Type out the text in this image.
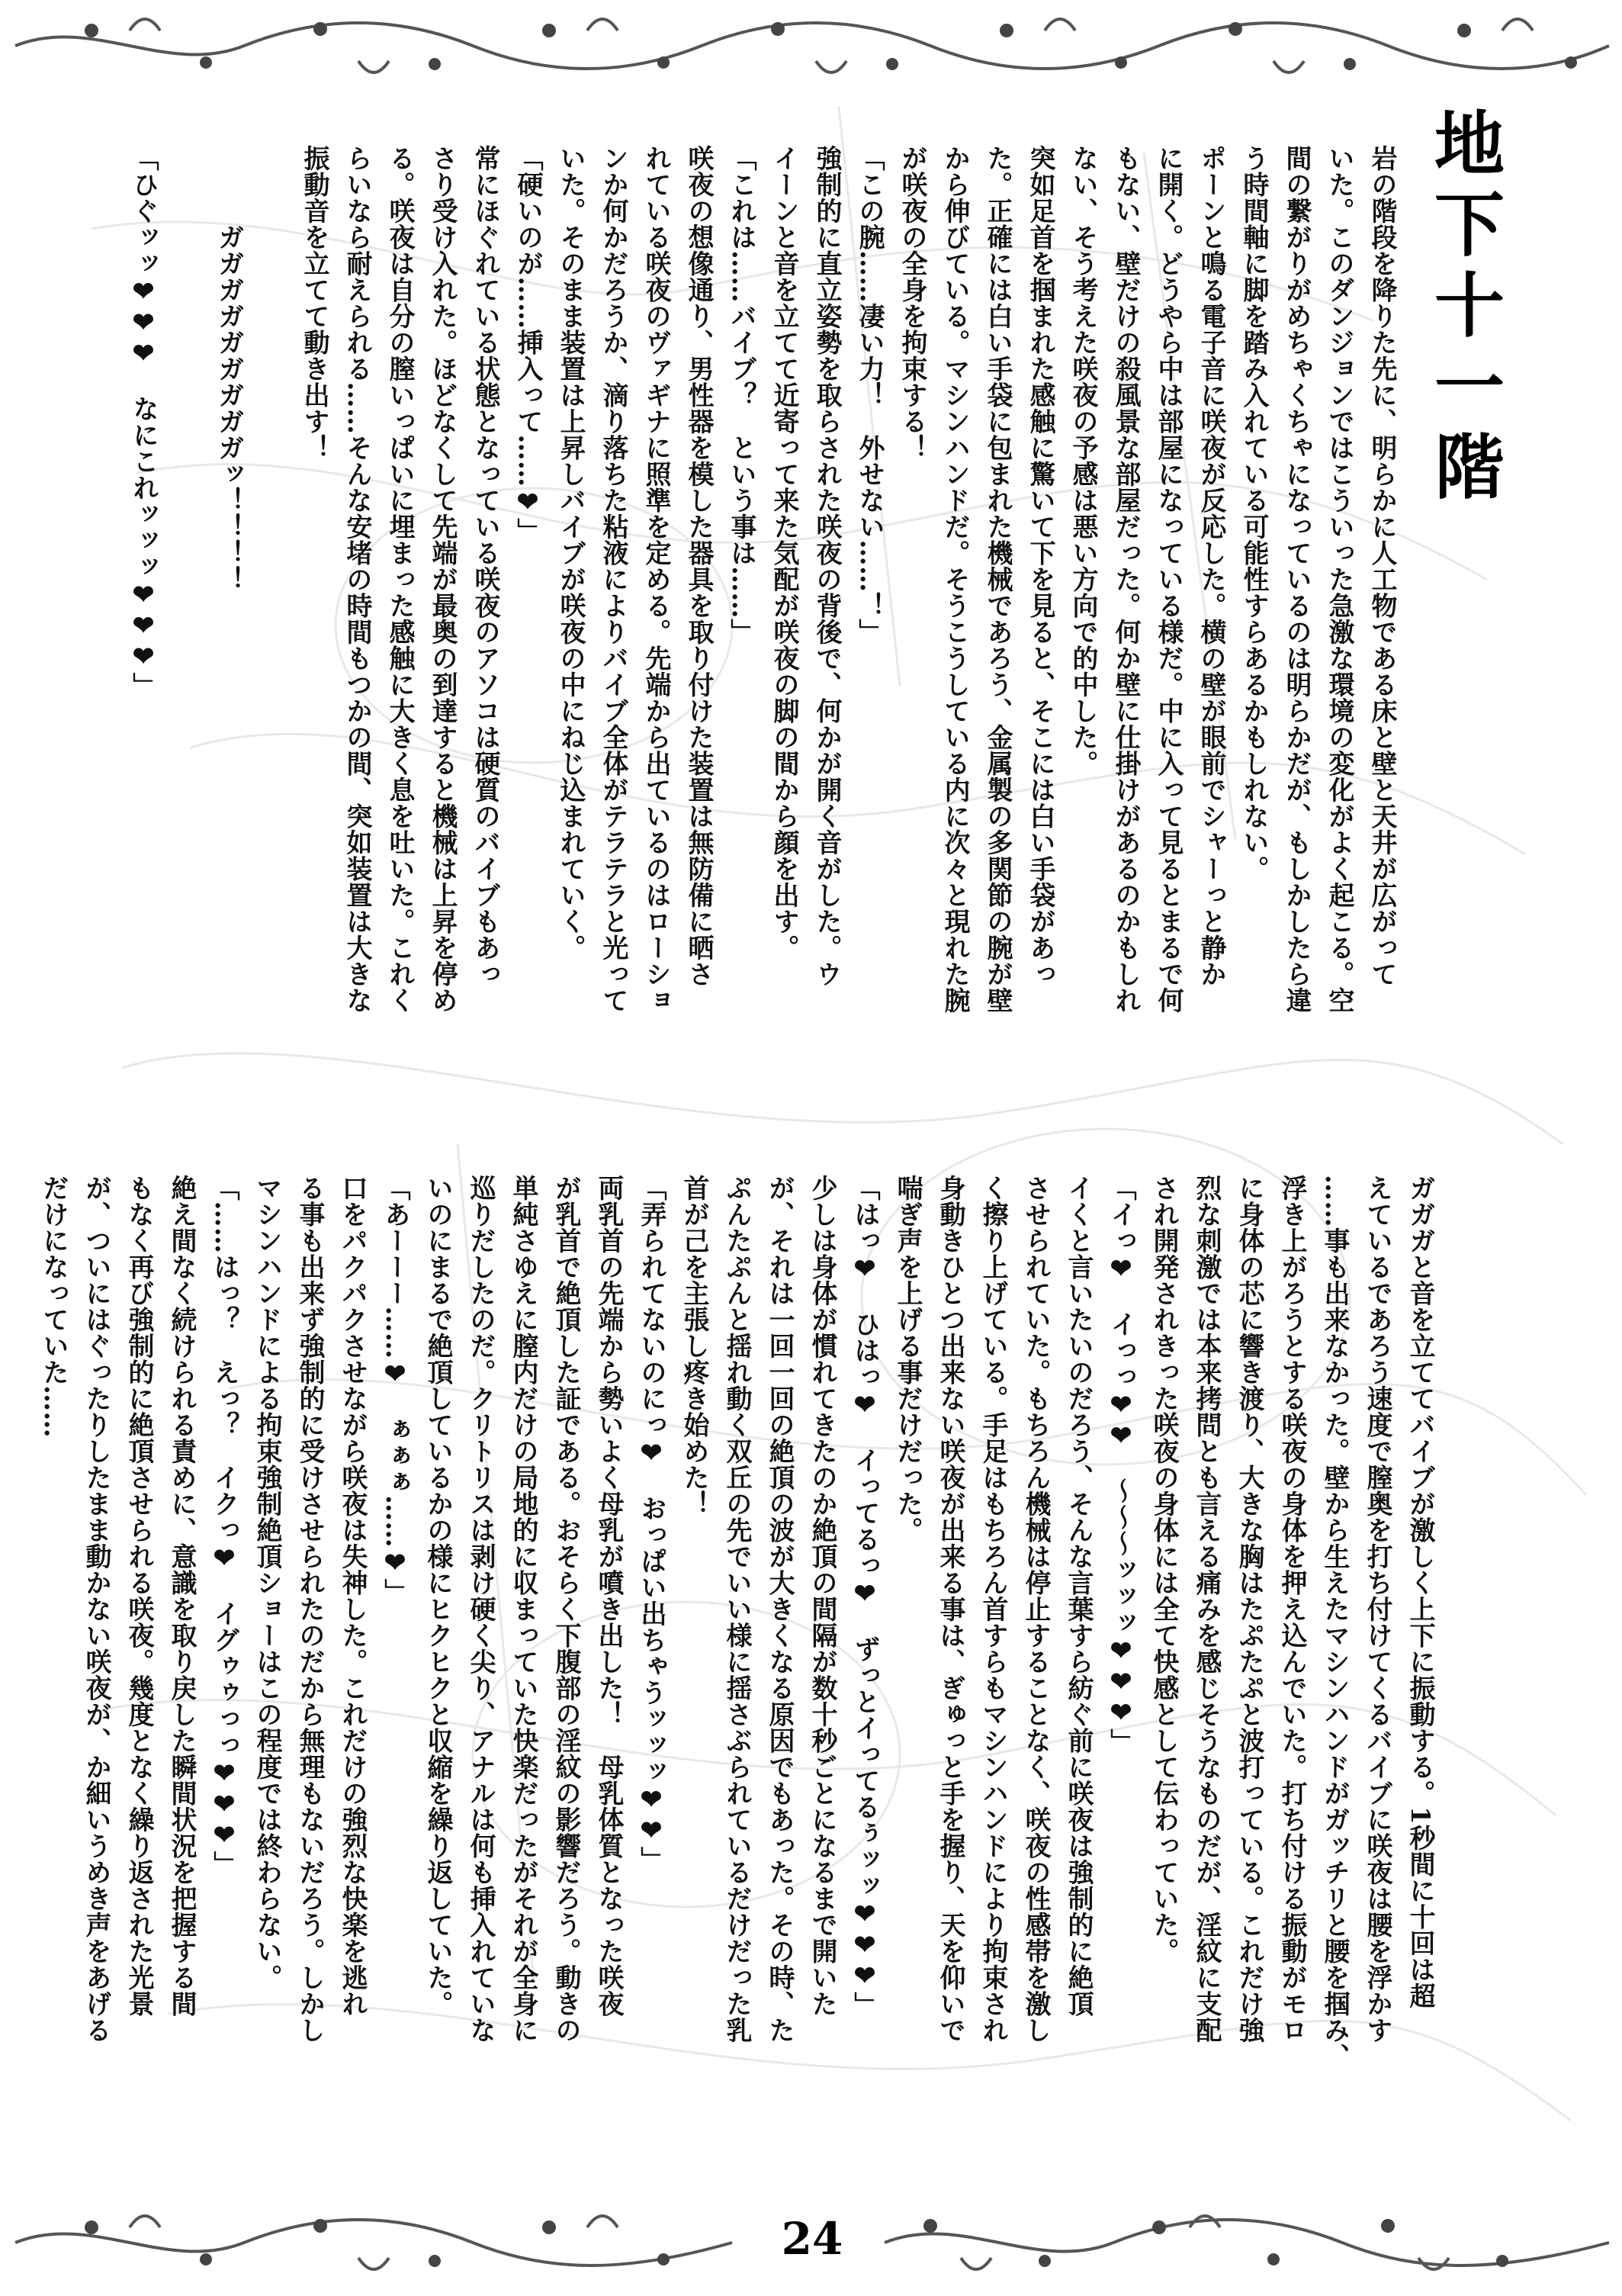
地下十一階
岩の階段を降りた先に、明らかに人工物である床と壁と天井が広がって
いた。このダンジョンではこういった急激な環境の変化がよく起こる。空
間の繋がりがめちゃくちゃになっているのは明らかだが、もしかしたら違
う時間軸に脚を踏み入れている可能性すらあるかもしれない。
ポーンと鳴る電子音に咲夜が反応した。横の壁が眼前でシャーっと静か
に開く。どうやら中は部屋になっている様だ。中に入って見るとまるで何
もない、壁だけの殺風景な部屋だった。何か壁に仕掛けがあるのかもしれ
ない、そう考えた咲夜の予感は悪い方向で的中した。
突如足首を掴まれた感触に驚いて下を見ると、そこには白い手袋があっ
た。正確には白い手袋に包まれた機械であろう、金属製の多関節の腕が壁
から伸びている。マシンハンドだ。そうこうしている内に次々と現れた腕
が咲夜の全身を拘束する！
「この腕……凄い力！　外せない……！」
強制的に直立姿勢を取らされた咲夜の背後で、何かが開く音がした。ウ
イーンと音を立てて近寄って来た気配が咲夜の脚の間から顔を出す。
「これは……バイブ？　という事は……」
咲夜の想像通り、男性器を模した器具を取り付けた装置は無防備に晒さ
れている咲夜のヴァギナに照準を定める。先端から出ているのはローショ
ンか何かだろうか、滴り落ちた粘液によりバイブ全体がテラテラと光って
いた。そのまま装置は上昇しバイブが咲夜の中にねじ込まれていく。
「硬いのが……挿入って……❤」
常にほぐれている状態となっている咲夜のアソコは硬質のバイブもあっ
さり受け入れた。ほどなくして先端が最奥の到達すると機械は上昇を停め
る。咲夜は自分の膣いっぱいに埋まった感触に大きく息を吐いた。これく
らいなら耐えられる……そんな安堵の時間もつかの間、突如装置は大きな
振動音を立てて動き出す！

　　　ガガガガガガガガガッ！！！！

「ひぐッッ❤❤❤　なにこれッッッ❤❤❤」
ガガガと音を立ててバイブが激しく上下に振動する。1秒間に十回は超
えているであろう速度で膣奥を打ち付けてくるバイブに咲夜は腰を浮かす
……事も出来なかった。壁から生えたマシンハンドがガッチリと腰を掴み、
浮き上がろうとする咲夜の身体を押え込んでいた。打ち付ける振動がモロ
に身体の芯に響き渡り、大きな胸はたぷたぷと波打っている。これだけ強
烈な刺激では本来拷問とも言える痛みを感じそうなものだが、淫紋に支配
され開発されきった咲夜の身体には全て快感として伝わっていた。
「イっ❤　イっっ❤❤　～～～ッッッ❤❤❤」
イくと言いたいのだろう、そんな言葉すら紡ぐ前に咲夜は強制的に絶頂
させられていた。もちろん機械は停止することなく、咲夜の性感帯を激し
く擦り上げている。手足はもちろん首すらもマシンハンドにより拘束され
身動きひとつ出来ない咲夜が出来る事は、ぎゅっと手を握り、天を仰いで
喘ぎ声を上げる事だけだった。
「はっ❤　ひはっ❤　イってるっ❤　ずっとイってるぅッッ❤❤❤」
少しは身体が慣れてきたのか絶頂の間隔が数十秒ごとになるまで開いた
が、それは一回一回の絶頂の波が大きくなる原因でもあった。その時、た
ぷんたぷんと揺れ動く双丘の先でいい様に揺さぶられているだけだった乳
首が己を主張し疼き始めた！
「弄られてないのにっ❤　おっぱい出ちゃうッッッ❤❤」
両乳首の先端から勢いよく母乳が噴き出した！　母乳体質となった咲夜
が乳首で絶頂した証である。おそらく下腹部の淫紋の影響だろう。動きの
単純さゆえに膣内だけの局地的に収まっていた快楽だったがそれが全身に
巡りだしたのだ。クリトリスは剥け硬く尖り、アナルは何も挿入れていな
いのにまるで絶頂しているかの様にヒクヒクと収縮を繰り返していた。
「あーーー……❤　ぁぁぁ……❤」
口をパクパクさせながら咲夜は失神した。これだけの強烈な快楽を逃れ
る事も出来ず強制的に受けさせられたのだから無理もないだろう。しかし
マシンハンドによる拘束強制絶頂ショーはこの程度では終わらない。
「……はっ？　えっ？　イクっ❤　イグゥゥっっ❤❤❤」
絶え間なく続けられる責めに、意識を取り戻した瞬間状況を把握する間
もなく再び強制的に絶頂させられる咲夜。幾度となく繰り返された光景
が、ついにはぐったりしたまま動かない咲夜が、か細いうめき声をあげる
だけになっていた……
24
